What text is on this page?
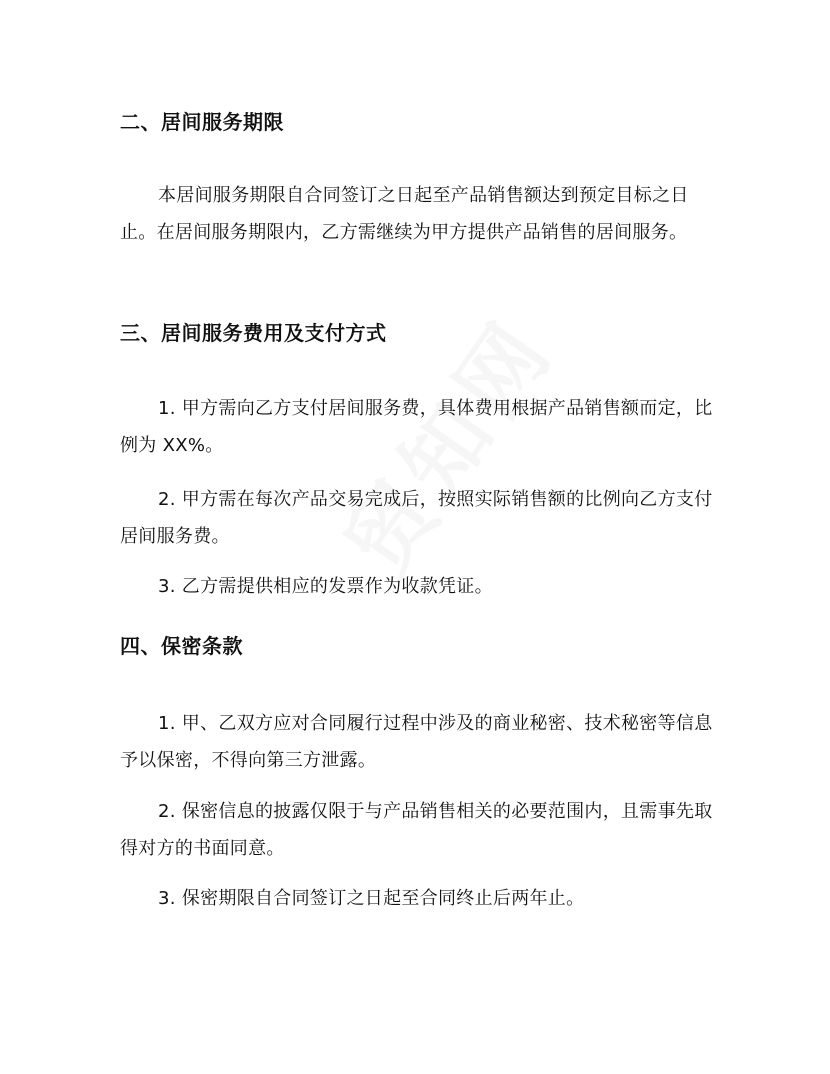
二、居间服务期限
本居间服务期限自合同签订之日起至产品销售额达到预定目标之日止。在居间服务期限内，乙方需继续为甲方提供产品销售的居间服务。
三、居间服务费用及支付方式
1. 甲方需向乙方支付居间服务费，具体费用根据产品销售额而定，比例为 XX%。
2. 甲方需在每次产品交易完成后，按照实际销售额的比例向乙方支付居间服务费。
3. 乙方需提供相应的发票作为收款凭证。
四、保密条款
1. 甲、乙双方应对合同履行过程中涉及的商业秘密、技术秘密等信息予以保密，不得向第三方泄露。
2. 保密信息的披露仅限于与产品销售相关的必要范围内，且需事先取得对方的书面同意。
3. 保密期限自合同签订之日起至合同终止后两年止。
